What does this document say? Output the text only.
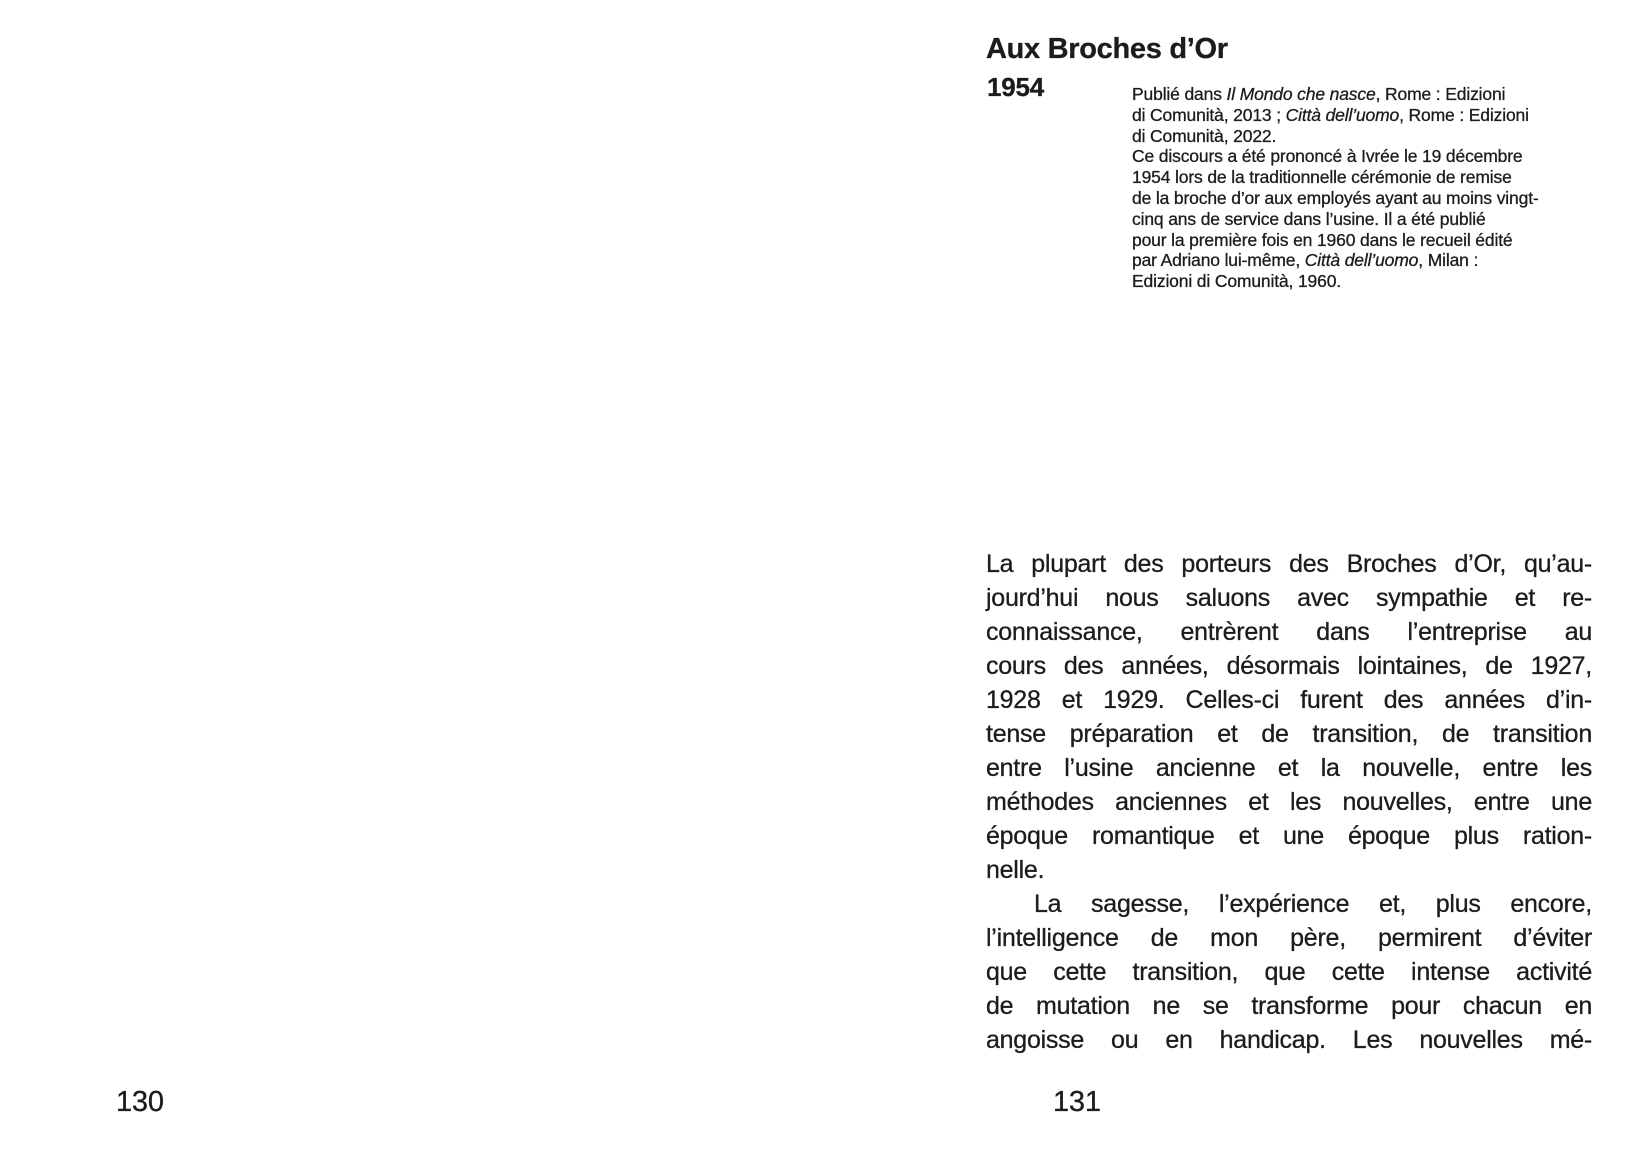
Aux Broches d’Or
1954	Publié dans Il Mondo che nasce, Rome : Edizioni
di Comunità, 2013 ; Città dell’uomo, Rome : Edizioni
di Comunità, 2022.
Ce discours a été prononcé à Ivrée le 19 décembre
1954 lors de la traditionnelle cérémonie de remise
de la broche d’or aux employés ayant au moins vingt-
cinq ans de service dans l’usine. Il a été publié
pour la première fois en 1960 dans le recueil édité
par Adriano lui-même, Città dell’uomo, Milan :
Edizioni di Comunità, 1960.
La plupart des porteurs des Broches d’Or, qu’au-
jourd’hui nous saluons avec sympathie et re-
connaissance, entrèrent dans l’entreprise au
cours des années, désormais lointaines, de 1927,
1928 et 1929. Celles-ci furent des années d’in-
tense préparation et de transition, de transition
entre l’usine ancienne et la nouvelle, entre les
méthodes anciennes et les nouvelles, entre une
époque romantique et une époque plus ration-
nelle.
La sagesse, l’expérience et, plus encore,
l’intelligence de mon père, permirent d’éviter
que cette transition, que cette intense activité
de mutation ne se transforme pour chacun en
angoisse ou en handicap. Les nouvelles mé-
130	131
